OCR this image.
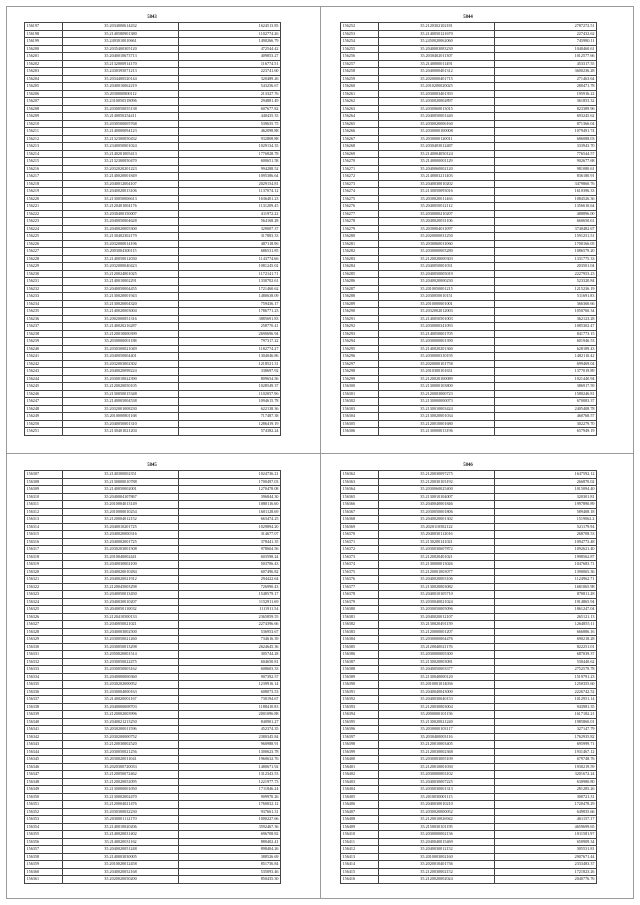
5843
156197	35.2034000614432	1624513.85
156198	35.2140580901380	1102774.26
156199	35.2493010010661	1490266.79
156200	35.2035400305120	472544.42
156201	35.2040010673713	409853.27
156202	35.2132000914170	116774.51
156203	35.2430395071213	223741.60
156204	35.2034400520144	320489.26
156205	35.2040010062219	543256.67
156206	35.2030000800112	213327.76
156207	35.2310050318096	294881.49
156208	35.2030050055138	607677.82
156209	35.2140050254411	440435.35
156210	35.2030500005768	539635.75
156211	35.2140000094123	462098.88
156212	35.2132300050432	932808.88
156213	35.2340050001024	1029134.35
156214	35.2140201005413	1776828.78
156215	35.2132300050470	600651.58
156216	35.2032020201223	994288.52
156217	35.2140020001849	1095386.64
156218	35.2040012004107	2029154.81
156219	35.2040020013106	1137074.12
156220	35.2130050006613	1636401.23
156221	35.2120401004176	1131209.45
156222	35.2030400150007	411972.22
156223	35.2040050004628	564168.28
156224	35.2040020005300	329007.37
156225	35.2130402302179	317883.33
156226	35.2032000014196	487118.96
156227	35.2003004300115	686531.85
156228	35.2140050012030	1143774.66
156229	35.2032000040423	1081245.02
156230	35.2120024001025	1172141.71
156231	35.2140010002291	1330702.61
156232	35.2040050004455	1721460.62
156233	35.2130020001943	1480638.09
156234	35.2130020004320	759436.17
156235	35.2140020003004	1786771.23
156236	35.2002000051316	3885691.83
156237	35.2140020216287	258770.41
156238	35.2120010000399	2690696.94
156239	35.2030000001188	797317.22
156240	35.2030300021049	1182774.27
156241	35.2040050004401	1304046.86
156242	35.2032003002302	1218521.31
156243	35.2040020098224	338697.92
156244	35.2030010022390	809654.56
156245	35.2120020050105	1028549.37
156246	35.2130050015348	1102057.96
156247	35.2140005004538	1094615.78
156248	35.2032001008230	622138.36
156249	35.2010000801168	717487.38
156250	35.2040050001310	1286419.19
156251	35.2130401021204	574382.24
5844
156252	35.2120302102181	2787272.51
156253	35.2140050121670	227432.62
156254	35.2450020062060	745980.11
156255	35.2040003083230	1040460.61
156256	35.2030402011307	1012577.66
156257	35.2140000011491	453317.55
156258	35.2040000401312	3600236.28
156259	35.2020000401715	271463.64
156260	35.2010200020025	280471.78
156261	35.2030003401393	195916.22
156262	35.2030020002897	361853.32
156263	35.2030060013015	823389.96
156264	35.2040050001440	693245.62
156265	35.2030020006160	871366.04
156266	35.2030000100008	1079491.74
156267	35.2030000120011	686088.03
156268	35.2030403012487	333943.70
156269	35.2140004050124	776544.57
156270	35.2140000001129	902677.68
156271	35.2040060002120	981080.61
156272	35.2140003211403	836180.91
156273	35.2040030010202	3479860.76
156274	35.2130050093016	1610396.33
156275	35.2030020011463	1084526.36
156276	35.2040050012112	1356610.64
156277	35.2030000210207	488896.00
156278	35.2040020031106	660650.61
156279	35.2030004011097	3740482.67
156280	35.2020000031250	1591251.51
156281	35.2030060011060	1700166.05
156282	35.2030000003280	1086579.20
156283	35.2120020000303	1331775.33
156284	35.2040050001031	203501.04
156285	35.2040050005019	2227953.23
156286	35.2040020000230	523320.84
156287	35.2010050001215	1215236.19
156288	35.2030050010151	511691.83
156289	35.2010000001001	366360.66
156290	35.2032002012003	1050760.34
156291	35.2140050501003	362123.28
156292	35.2030000341093	1085302.47
156293	35.2140050001705	841773.15
156294	35.2030000001390	601946.53
156295	35.2140020201360	628189.43
156296	35.2030000310195	1482110.42
156297	35.2020000101758	699469.04
156298	35.2010300101631	1377019.89
156299	35.2120020100089	1021440.94
156300	35.2130000103800	386917.59
156301	35.2120003000723	1580246.81
156302	35.2130000000073	670083.37
156303	35.2130010003424	2405408.78
156304	35.2130020001034	460768.57
156305	35.2120010001680	302279.70
156306	35.2130000013196	657949.19
5845
156307	35.2140300002351	1024736.21
156308	35.2130000010788	1700497.03
156309	35.2140050002001	1270478.08
156310	35.2040004107867	396844.30
156311	35.2010004013149	1080116.60
156312	35.2010000010254	1601128.69
156313	35.2120004012152	663474.25
156314	35.2040010201725	1029894.20
156315	35.2040020000316	314677.07
156316	35.2040002001725	378441.35
156317	35.2030203001508	978604.56
156318	35.2010040002441	603598.24
156319	35.2040030002100	503706.43
156320	35.2040020010284	607496.82
156321	35.2040020021912	294422.64
156322	35.2120045003298	726990.43
156323	35.2040050013450	1548579.17
156324	35.2040030010207	1152911.69
156325	35.2040050110032	1111911.54
156326	35.2120410500133	2365859.55
156327	35.2040050021021	2274396.66
156328	35.2040003002500	536953.67
156329	35.2030050021260	734616.39
156330	35.2030050013298	2624645.36
156331	35.2050020001514	305744.28
156332	35.2030050022475	604650.81
156333	35.2030050003162	608603.33
156334	35.2040000000360	907392.57
156335	35.2030202000052	1239916.14
156336	35.2030004000163	608073.53
156337	35.2140020001167	730194.67
156338	35.2040000008703	1188410.83
156339	35.2120002003996	2001096.88
156340	35.2040021213250	840901.27
156341	35.2030200011596	452374.35
156342	35.2030200000752	2380345.84
156343	35.2120030002520	960988.91
156344	35.2030050021256	1300623.78
156345	35.2030020011041	1960632.76
156346	35.2020300720033	1480671.92
156347	35.2120050072462	1312343.53
156348	35.2120020052095	1221977.73
156349	35.2130000001050	1711846.24
156350	35.2130002002470	909970.26
156351	35.2120004021476	1760032.12
156352	35.2030300032230	937661.31
156353	35.2030001112170	1000227.66
156354	35.2140010020206	3592467.36
156355	35.2140020031402	696708.82
156356	35.2140020031162	880402.41
156357	35.2040020051248	898404.26
156358	35.2140003030005	388526.69
156359	35.2010020012458	851736.84
156360	35.2040020052168	535093.46
156361	35.2020020050200	850435.30
5846
156362	35.2120030097275	1647592.12
156363	35.2120030103192	266870.02
156364	35.2030060025400	1015094.40
156365	35.2130010104007	320301.81
156366	35.2040040001846	1997890.89
156367	35.2030050001806	589408.18
156368	35.2040020001302	1519062.2
156369	35.2020110502122	521179.94
156370	35.2040030112016	268708.53
156371	35.2130200141021	1094773.48
156372	35.2030030607872	1092621.40
156373	35.2120020401021	1998562.87
156374	35.2130000013026	1047683.71
156375	35.2120001003077	1390065.36
156376	35.2040020003106	1124962.71
156377	35.2130020003082	1681065.98
156378	35.2040010105710	870811.28
156379	35.2030040021024	1914865.94
156380	35.2030050005096	1861247.04
156381	35.2040020012107	265121.13
156382	35.2130020491159	1264855.11
156383	35.2120000001207	666886.16
156384	35.2030000004476	690218.28
156385	35.2120040021176	822251.01
156386	35.2030000005300	687039.37
156387	35.2130020003081	530440.62
156388	35.2040050003377	2752579.78
156389	35.2130040000120	1519791.23
156390	35.2010001014036	1250355.60
156391	35.2040040043000	2226742.52
156392	35.2040030040153	1012951.14
156393	35.2120030003004	943981.35
156394	35.2000000101156	1617182.21
156395	35.2130020021240	1985860.01
156396	35.2030000103117	327147.79
156397	35.2030400003116	1762935.82
156398	35.2120010003405	695999.71
156399	35.2120030002368	1931467.12
156400	35.2030003005109	679748.76
156401	35.2120010001030	1930219.59
156402	35.2030000003102	3201672.24
156403	35.2040030007225	630980.80
156404	35.2030030001313	281285.26
156405	35.2010030001115	300721.31
156406	35.2040030010210	1720478.29
156407	35.2030020000052	649835.66
156408	35.2120010026942	461157.17
156409	35.2150030101195	4659699.65
156410	35.2030000002136	1011581.97
156411	35.2040040015469	650909.34
156412	35.2040030012152	305531.81
156413	35.2010003002160	2907671.44
156414	35.2020010401736	2333483.37
156415	35.2120030002152	1721823.26
156416	35.2120020002024	2040776.76
